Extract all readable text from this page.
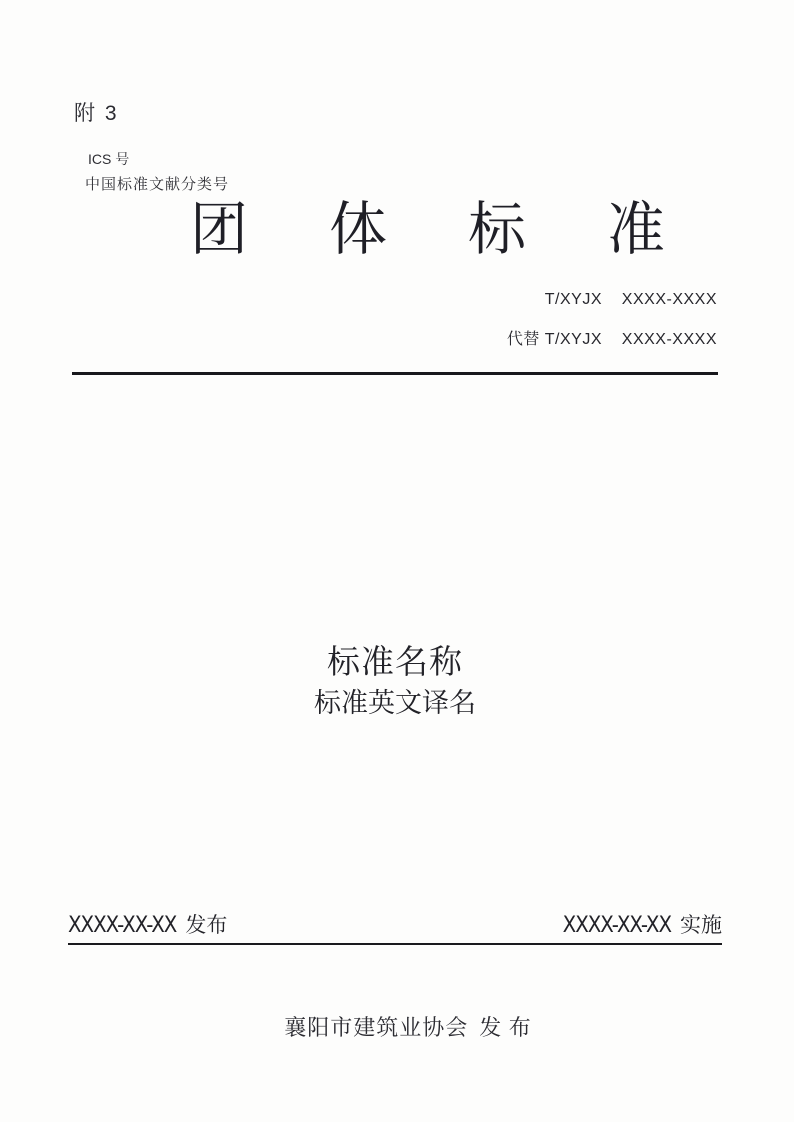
附 3
ICS 号
中国标准文献分类号
团体标准
T/XYJX    XXXX-XXXX
代替 T/XYJX    XXXX-XXXX
标准名称
标准英文译名
XXXX-XX-XX 发布	XXXX-XX-XX 实施

襄阳市建筑业协会 发 布
